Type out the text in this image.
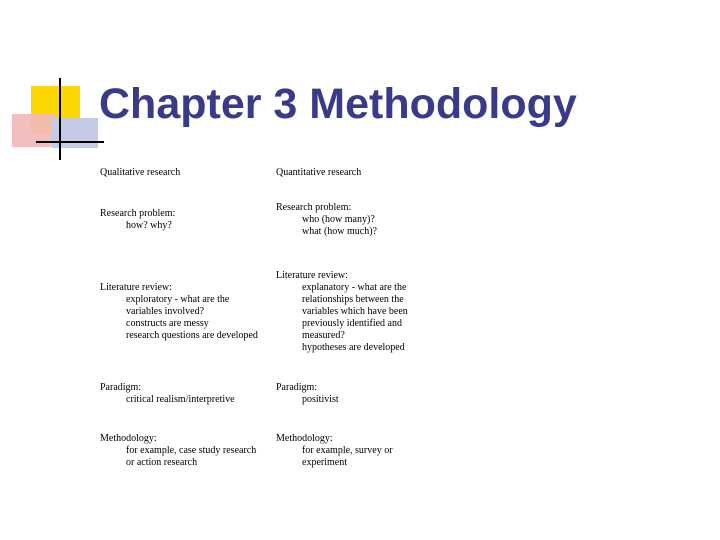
Chapter 3 Methodology
Qualitative research
Research problem:
how? why?
Literature review:
exploratory - what are the
variables involved?
constructs are messy
research questions are developed
Paradigm:
critical realism/interpretive
Methodology:
for example, case study research
or action research
Quantitative research
Research problem:
who (how many)?
what (how much)?
Literature review:
explanatory - what are the
relationships between the
variables which have been
previously identified and
measured?
hypotheses are developed
Paradigm:
positivist
Methodology:
for example, survey or
experiment
